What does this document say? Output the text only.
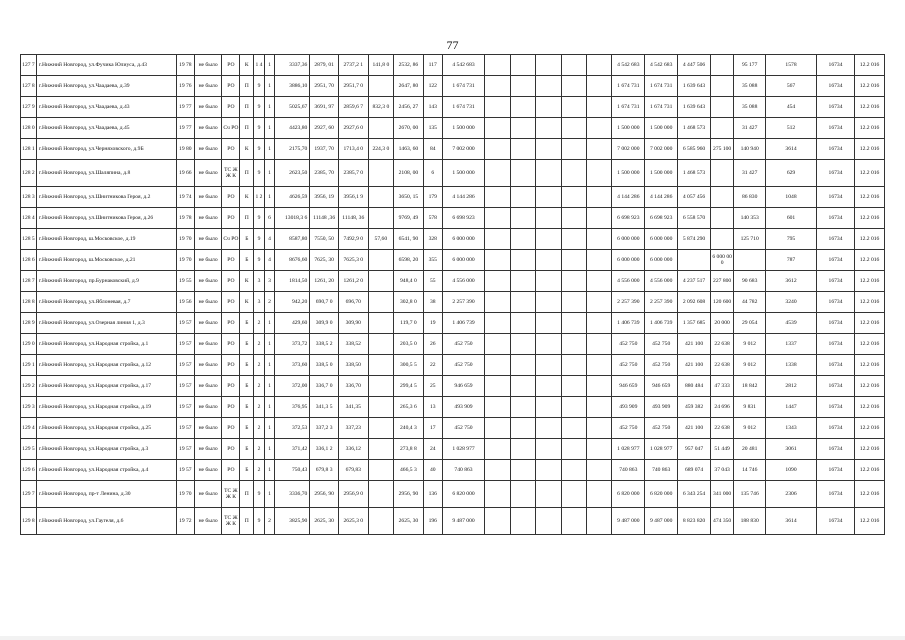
77
127 7	г.Нижний Новгород, ул.Фучика Юлиуса, д.43	19 78	не было	РО	К	1 4	1	3337,36	2879, 01	2737,2 1	141,8 0	2532, 86	117	4 542 683						4 542 683	4 542 683	4 447 506		95 177	1578	16734	12.2 016
127 8	г.Нижний Новгород, ул.Чаадаева, д.39	19 76	не было	РО	П	9	1	3886,10	2951, 70	2951,7 0		2647, 80	122	1 674 731						1 674 731	1 674 731	1 639 643		35 088	567	16734	12.2 016
127 9	г.Нижний Новгород, ул.Чаадаева, д.43	19 77	не было	РО	П	9	1	5025,67	3691, 97	2859,6 7	832,3 0	2456, 27	143	1 674 731						1 674 731	1 674 731	1 639 643		35 088	454	16734	12.2 016
128 0	г.Нижний Новгород, ул.Чаадаева, д.45	19 77	не было	Сч РО	П	9	1	4423,80	2927, 60	2927,6 0		2670, 00	135	1 500 000						1 500 000	1 500 000	1 468 573		31 427	512	16734	12.2 016
128 1	г.Нижний Новгород, ул.Черняховского, д.9Б	19 80	не было	РО	К	9	1	2175,70	1937, 70	1713,4 0	224,3 0	1463, 60	84	7 002 000						7 002 000	7 002 000	6 585 960	275 100	140 940	3614	16734	12.2 016
128 2	г.Нижний Новгород, ул.Шаляпина, д.8	19 66	не было	ТС Ж Ж К	П	9	1	2623,50	2385, 70	2385,7 0		2108, 00	6	1 500 000						1 500 000	1 500 000	1 468 573		31 427	629	16734	12.2 016
128 3	г.Нижний Новгород, ул.Шнитникова Героя, д.2	19 74	не было	РО	К	1 2	1	4626,59	3956, 19	3956,1 9		3650, 15	179	4 144 286						4 144 286	4 144 286	4 057 456		86 830	1048	16734	12.2 016
128 4	г.Нижний Новгород, ул.Шнитникова Героя, д.26	19 78	не было	РО	П	9	6	13018,3 6	11148 ,36	11148, 36		9769, 49	578	6 698 923						6 698 923	6 698 923	6 558 570		140 353	601	16734	12.2 016
128 5	г.Нижний Новгород, ш.Московское, д.19	19 70	не было	Сч РО	Б	9	4	8587,80	7550, 50	7492,9 0	57,60	6541, 90	328	6 000 000						6 000 000	6 000 000	5 874 290		125 710	795	16734	12.2 016
128 6	г.Нижний Новгород, ш.Московское, д.21	19 70	не было	РО	Б	9	4	8676,60	7625, 30	7625,3 0		6598, 20	355	6 000 000						6 000 000	6 000 000		6 000 000		787	16734	12.2 016
128 7	г.Нижний Новгород, пр.Бурнаковский, д.9	19 55	не было	РО	К	3	3	1814,50	1261, 20	1261,2 0		948,4 0	55	4 556 000						4 556 000	4 556 000	4 237 517	227 800	90 683	3612	16734	12.2 016
128 8	г.Нижний Новгород, ул.Яблоневая, д.7	19 56	не было	РО	К	3	2	942,20	690,7 0	696,70		302,8 0	38	2 257 390						2 257 390	2 257 390	2 092 608	120 600	44 782	3240	16734	12.2 016
128 9	г.Нижний Новгород, ул.Озерная линия 1, д.3	19 57	не было	РО	Б	2	1	429,60	309,9 0	309,90		119,7 0	19	1 406 739						1 406 739	1 406 739	1 357 685	20 000	29 054	4539	16734	12.2 016
129 0	г.Нижний Новгород, ул.Народная стройка, д.1	19 57	не было	РО	Б	2	1	373,72	338,5 2	338,52		203,5 0	26	452 750						452 750	452 750	421 100	22 638	9 012	1337	16734	12.2 016
129 1	г.Нижний Новгород, ул.Народная стройка, д.12	19 57	не было	РО	Б	2	1	373,60	338,5 0	338,50		300,5 5	22	452 750						452 750	452 750	421 100	22 638	9 012	1338	16734	12.2 016
129 2	г.Нижний Новгород, ул.Народная стройка, д.17	19 57	не было	РО	Б	2	1	372,00	336,7 0	336,70		299,4 5	25	946 659						946 659	946 659	880 484	47 333	18 842	2812	16734	12.2 016
129 3	г.Нижний Новгород, ул.Народная стройка, д.19	19 57	не было	РО	Б	2	1	376,95	341,3 5	341,35		265,3 6	13	493 909						493 909	493 909	459 382	24 696	9 831	1447	16734	12.2 016
129 4	г.Нижний Новгород, ул.Народная стройка, д.25	19 57	не было	РО	Б	2	1	372,53	337,2 3	337,23		240,4 3	17	452 750						452 750	452 750	421 100	22 638	9 012	1343	16734	12.2 016
129 5	г.Нижний Новгород, ул.Народная стройка, д.3	19 57	не было	РО	Б	2	1	371,42	336,1 2	336,12		273,8 8	24	1 028 977						1 028 977	1 028 977	957 047	51 449	20 481	3061	16734	12.2 016
129 6	г.Нижний Новгород, ул.Народная стройка, д.4	19 57	не было	РО	Б	2	1	750,43	679,8 3	679,83		466,5 3	40	740 863						740 863	740 863	689 074	37 043	14 746	1090	16734	12.2 016
129 7	г.Нижний Новгород, пр-т Ленина, д.30	19 70	не было	ТС Ж Ж К	П	9	1	3336,70	2956, 90	2956,9 0		2956, 90	136	6 820 000						6 820 000	6 820 000	6 343 254	341 000	135 746	2306	16734	12.2 016
129 8	г.Нижний Новгород, ул.Гаугеля, д.6	19 72	не было	ТС Ж Ж К	П	9	2	3825,90	2625, 30	2625,3 0		2625, 30	196	9 487 000						9 487 000	9 487 000	8 823 820	474 350	188 830	3614	16734	12.2 016
